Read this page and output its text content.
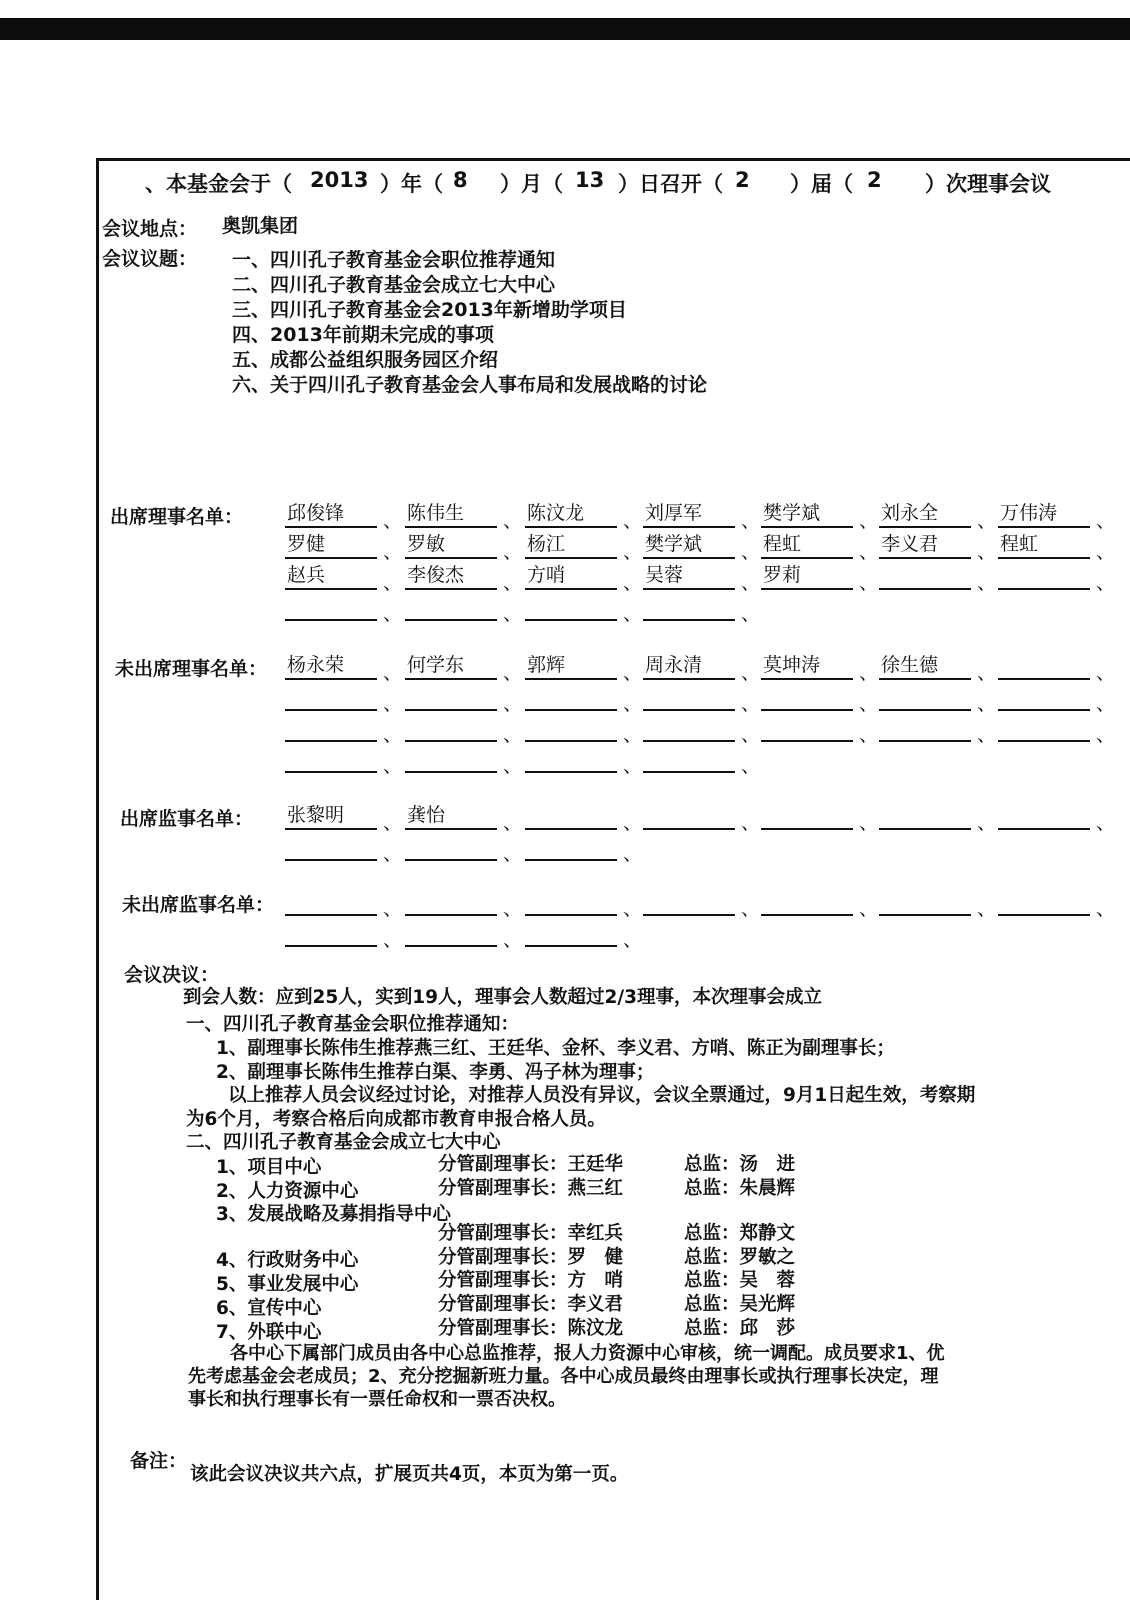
、本基金会于（ 2013 ）年（ 8 ）月（ 13 ）日召开（ 2 ）届（ 2 ）次理事会议
会议地点： 奥凯集团
会议议题： 一、四川孔子教育基金会职位推荐通知
二、四川孔子教育基金会成立七大中心
三、四川孔子教育基金会2013年新增助学项目
四、2013年前期未完成的事项
五、成都公益组织服务园区介绍
六、关于四川孔子教育基金会人事布局和发展战略的讨论
出席理事名单： 邱俊锋	、 陈伟生	、 陈汶龙	、 刘厚军	、 樊学斌	、 刘永全	、 万伟涛	、
罗健	、 罗敏	、 杨江	、 樊学斌	、 程虹	、 李义君	、 程虹	、
赵兵	、 李俊杰	、 方哨	、 吴蓉	、 罗莉	、	、	、
、	、	、	、
未出席理事名单： 杨永荣	、 何学东	、 郭辉	、 周永清	、 莫坤涛	、 徐生德	、	、
、	、	、	、	、	、	、
、	、	、	、	、	、	、
、	、	、	、
出席监事名单： 张黎明	、 龚怡	、	、	、	、	、	、
、	、	、
未出席监事名单：	、	、	、	、	、	、	、
、	、	、
会议决议：
到会人数：应到25人，实到19人，理事会人数超过2/3理事，本次理事会成立
一、四川孔子教育基金会职位推荐通知：
1、副理事长陈伟生推荐燕三红、王廷华、金杯、李义君、方哨、陈正为副理事长；
2、副理事长陈伟生推荐白渠、李勇、冯子林为理事；
以上推荐人员会议经过讨论，对推荐人员没有异议，会议全票通过，9月1日起生效，考察期
为6个月，考察合格后向成都市教育申报合格人员。
二、四川孔子教育基金会成立七大中心
1、项目中心	分管副理事长：王廷华	总监：汤　进
2、人力资源中心	分管副理事长：燕三红	总监：朱晨辉
3、发展战略及募捐指导中心
分管副理事长：幸红兵	总监：郑静文
4、行政财务中心	分管副理事长：罗　健	总监：罗敏之
5、事业发展中心	分管副理事长：方　哨	总监：吴　蓉
6、宣传中心	分管副理事长：李义君	总监：吴光辉
7、外联中心	分管副理事长：陈汶龙	总监：邱　莎
各中心下属部门成员由各中心总监推荐，报人力资源中心审核，统一调配。成员要求1、优
先考虑基金会老成员；2、充分挖掘新班力量。各中心成员最终由理事长或执行理事长决定，理
事长和执行理事长有一票任命权和一票否决权。
备注：
该此会议决议共六点，扩展页共4页，本页为第一页。
